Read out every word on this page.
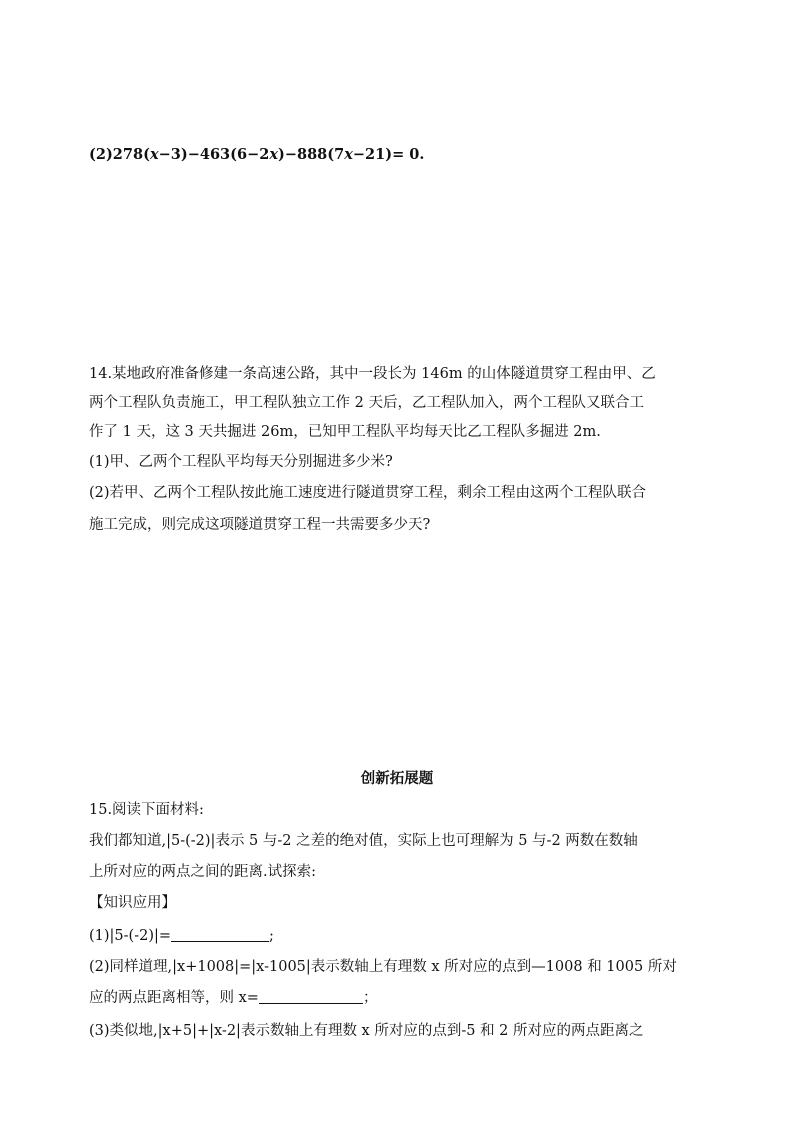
(2)278(x−3)−463(6−2x)−888(7x−21)= 0.
14.某地政府准备修建一条高速公路，其中一段长为 146m 的山体隧道贯穿工程由甲、乙
两个工程队负责施工，甲工程队独立工作 2 天后，乙工程队加入，两个工程队又联合工
作了 1 天，这 3 天共掘进 26m，已知甲工程队平均每天比乙工程队多掘进 2m.
(1)甲、乙两个工程队平均每天分别掘进多少米?
(2)若甲、乙两个工程队按此施工速度进行隧道贯穿工程，剩余工程由这两个工程队联合
施工完成，则完成这项隧道贯穿工程一共需要多少天?
创新拓展题
15.阅读下面材料:
我们都知道,|5-(-2)|表示 5 与-2 之差的绝对值，实际上也可理解为 5 与-2 两数在数轴
上所对应的两点之间的距离.试探索:
【知识应用】
(1)|5-(-2)|=	;
(2)同样道理,|x+1008|=|x-1005|表示数轴上有理数 x 所对应的点到—1008 和 1005 所对
应的两点距离相等，则 x=	；
(3)类似地,|x+5|+|x-2|表示数轴上有理数 x 所对应的点到-5 和 2 所对应的两点距离之
